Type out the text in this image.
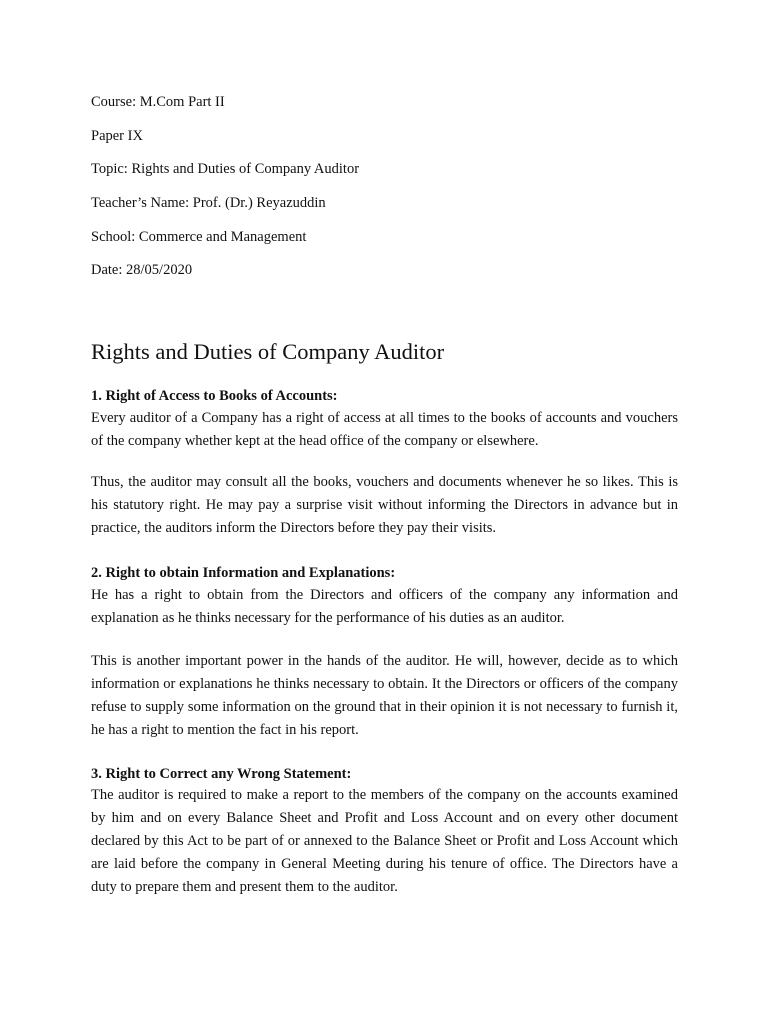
Course: M.Com Part II
Paper IX
Topic: Rights and Duties of Company Auditor
Teacher’s Name: Prof. (Dr.) Reyazuddin
School: Commerce and Management
Date: 28/05/2020
Rights and Duties of Company Auditor
1. Right of Access to Books of Accounts:
Every auditor of a Company has a right of access at all times to the books of accounts and vouchers of the company whether kept at the head office of the company or elsewhere.
Thus, the auditor may consult all the books, vouchers and documents whenever he so likes. This is his statutory right. He may pay a surprise visit without informing the Directors in advance but in practice, the auditors inform the Directors before they pay their visits.
2. Right to obtain Information and Explanations:
He has a right to obtain from the Directors and officers of the company any information and explanation as he thinks necessary for the performance of his duties as an auditor.
This is another important power in the hands of the auditor. He will, however, decide as to which information or explanations he thinks necessary to obtain. It the Directors or officers of the company refuse to supply some information on the ground that in their opinion it is not necessary to furnish it, he has a right to mention the fact in his report.
3. Right to Correct any Wrong Statement:
The auditor is required to make a report to the members of the company on the accounts examined by him and on every Balance Sheet and Profit and Loss Account and on every other document declared by this Act to be part of or annexed to the Balance Sheet or Profit and Loss Account which are laid before the company in General Meeting during his tenure of office. The Directors have a duty to prepare them and present them to the auditor.
